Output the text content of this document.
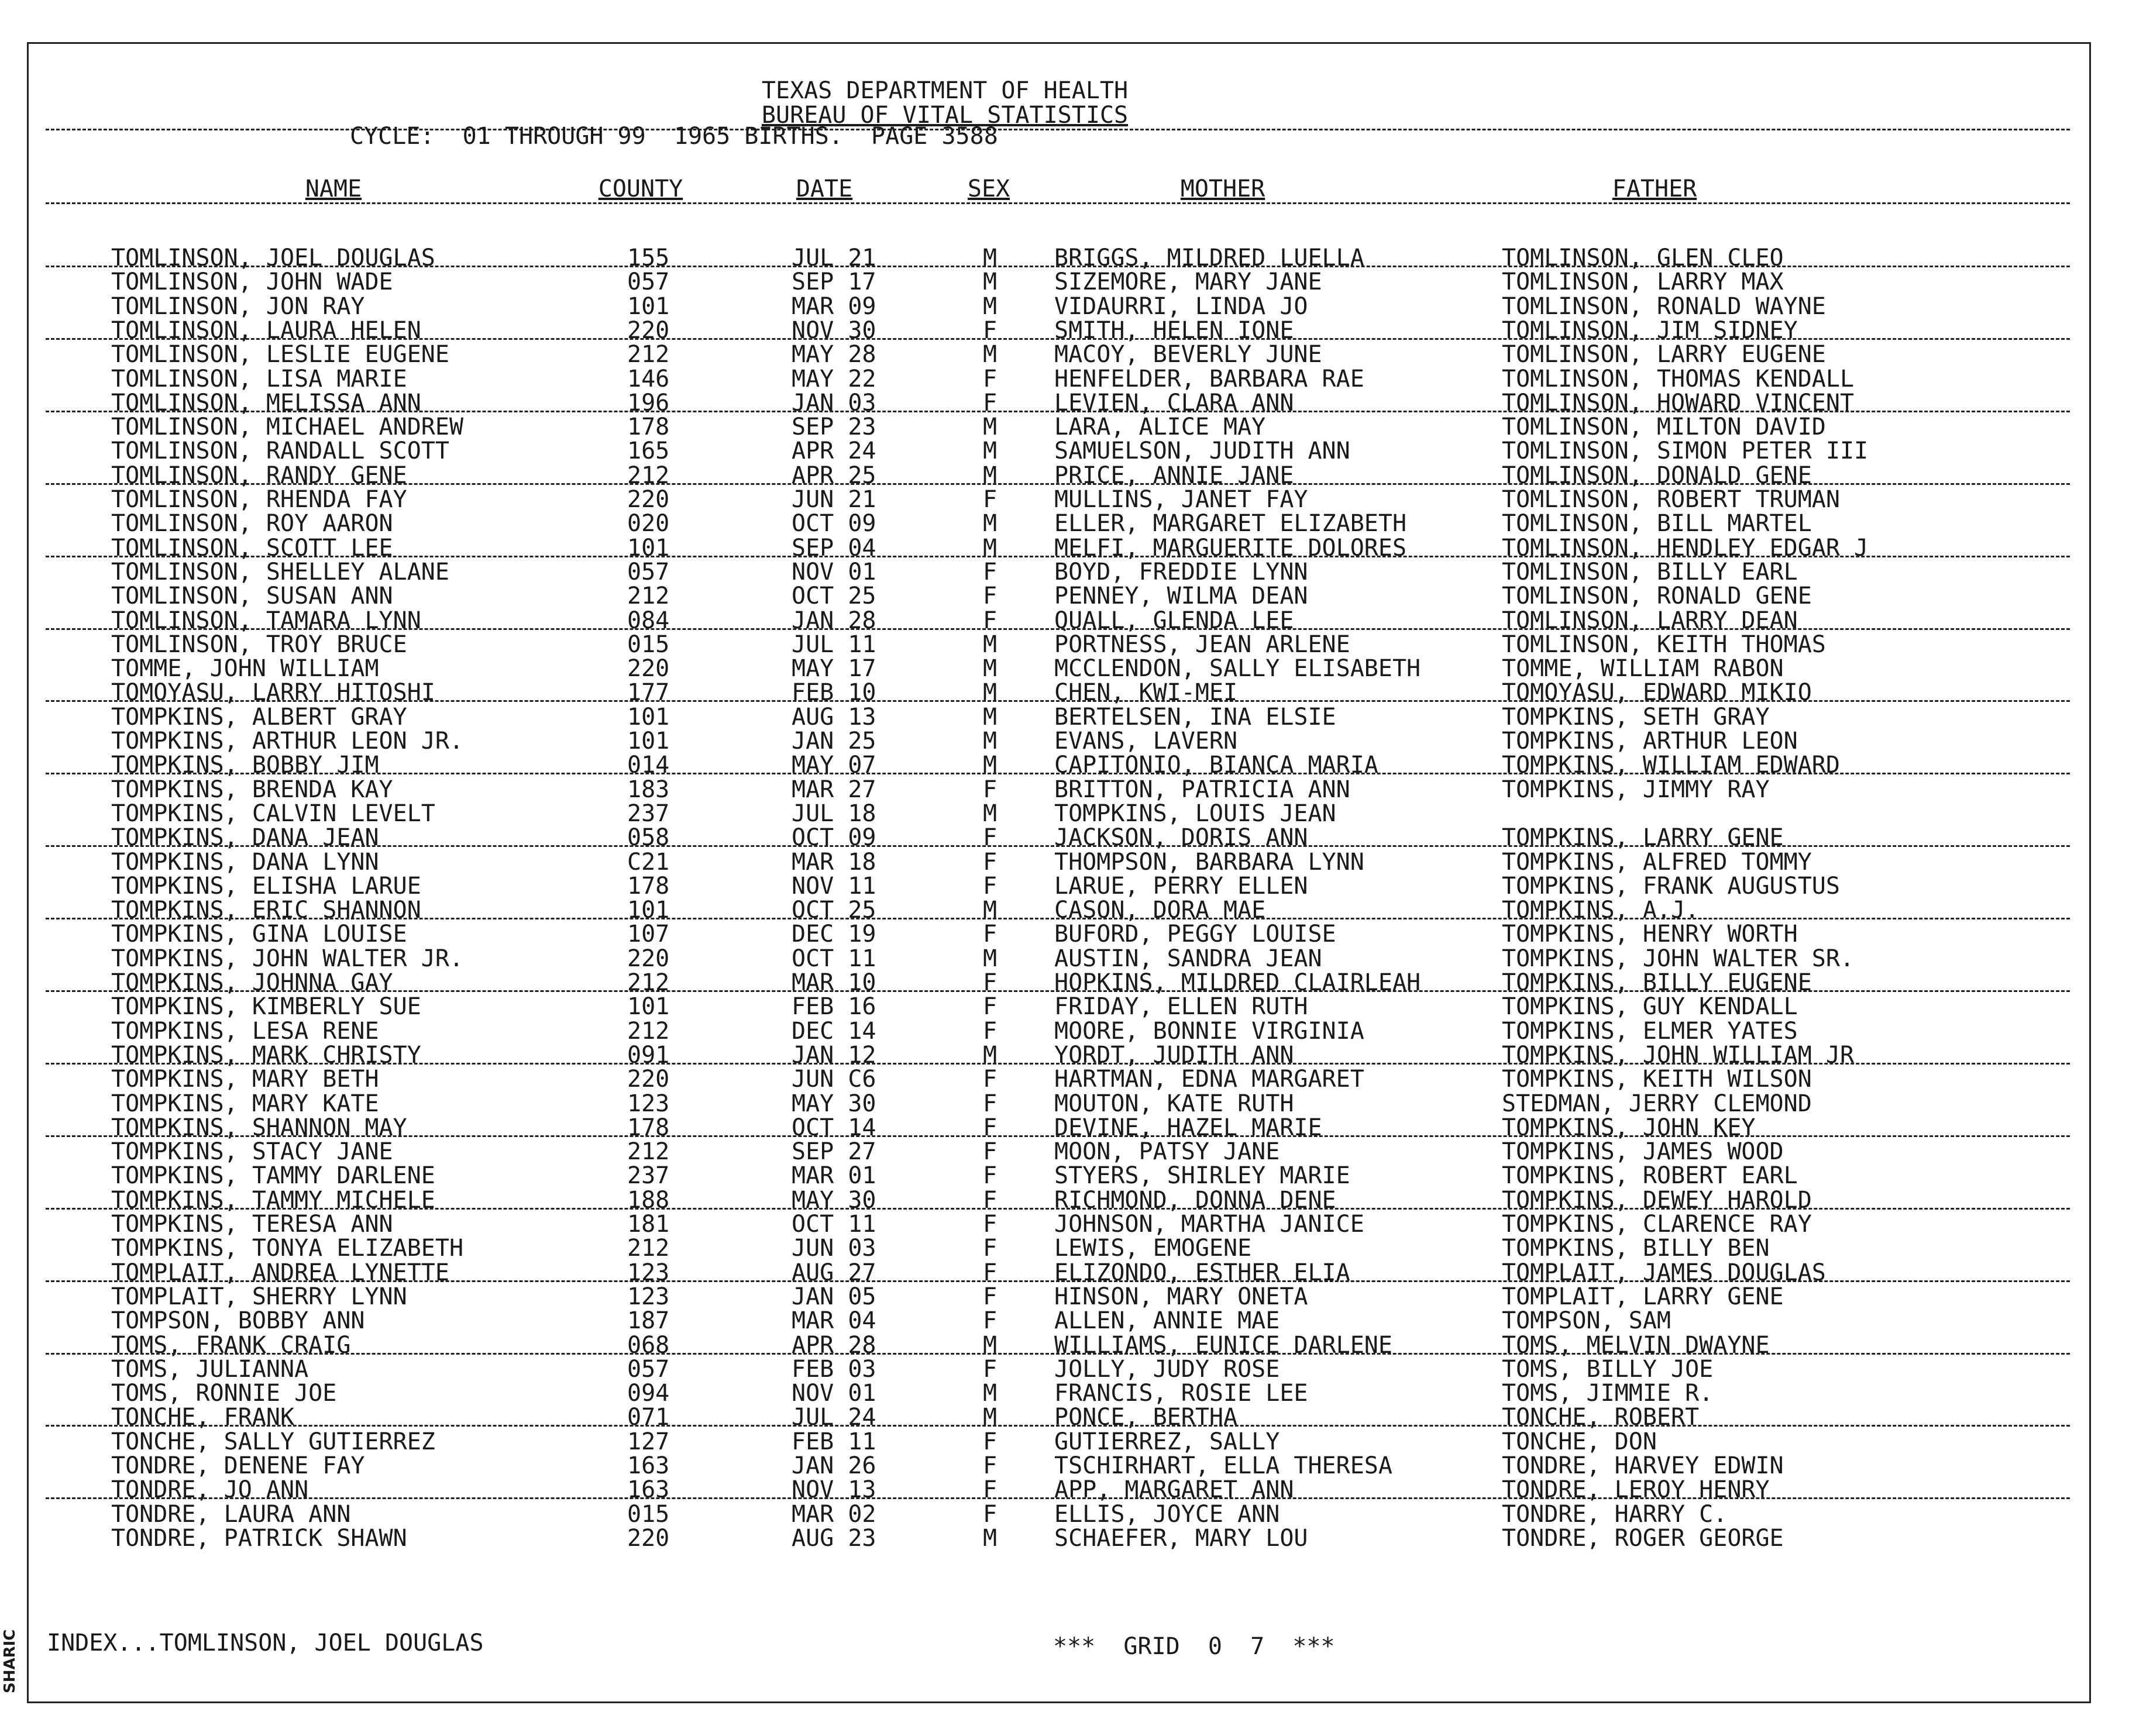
SHARIC
TEXAS DEPARTMENT OF HEALTH
BUREAU OF VITAL STATISTICS
CYCLE:  01 THROUGH 99  1965 BIRTHS.  PAGE 3588
NAME	COUNTY	DATE	SEX	MOTHER	FATHER
TOMLINSON, JOEL DOUGLAS	155	JUL 21	M BRIGGS, MILDRED LUELLA	TOMLINSON, GLEN CLEO
TOMLINSON, JOHN WADE	057	SEP 17	M SIZEMORE, MARY JANE	TOMLINSON, LARRY MAX
TOMLINSON, JON RAY	101	MAR 09	M VIDAURRI, LINDA JO	TOMLINSON, RONALD WAYNE
TOMLINSON, LAURA HELEN	220	NOV 30	F SMITH, HELEN IONE	TOMLINSON, JIM SIDNEY
TOMLINSON, LESLIE EUGENE	212	MAY 28	M MACOY, BEVERLY JUNE	TOMLINSON, LARRY EUGENE
TOMLINSON, LISA MARIE	146	MAY 22	F HENFELDER, BARBARA RAE	TOMLINSON, THOMAS KENDALL
TOMLINSON, MELISSA ANN	196	JAN 03	F LEVIEN, CLARA ANN	TOMLINSON, HOWARD VINCENT
TOMLINSON, MICHAEL ANDREW	178	SEP 23	M LARA, ALICE MAY	TOMLINSON, MILTON DAVID
TOMLINSON, RANDALL SCOTT	165	APR 24	M SAMUELSON, JUDITH ANN	TOMLINSON, SIMON PETER III
TOMLINSON, RANDY GENE	212	APR 25	M PRICE, ANNIE JANE	TOMLINSON, DONALD GENE
TOMLINSON, RHENDA FAY	220	JUN 21	F MULLINS, JANET FAY	TOMLINSON, ROBERT TRUMAN
TOMLINSON, ROY AARON	020	OCT 09	M ELLER, MARGARET ELIZABETH	TOMLINSON, BILL MARTEL
TOMLINSON, SCOTT LEE	101	SEP 04	M MELFI, MARGUERITE DOLORES	TOMLINSON, HENDLEY EDGAR J
TOMLINSON, SHELLEY ALANE	057	NOV 01	F BOYD, FREDDIE LYNN	TOMLINSON, BILLY EARL
TOMLINSON, SUSAN ANN	212	OCT 25	F PENNEY, WILMA DEAN	TOMLINSON, RONALD GENE
TOMLINSON, TAMARA LYNN	084	JAN 28	F QUALL, GLENDA LEE	TOMLINSON, LARRY DEAN
TOMLINSON, TROY BRUCE	015	JUL 11	M PORTNESS, JEAN ARLENE	TOMLINSON, KEITH THOMAS
TOMME, JOHN WILLIAM	220	MAY 17	M MCCLENDON, SALLY ELISABETH	TOMME, WILLIAM RABON
TOMOYASU, LARRY HITOSHI	177	FEB 10	M CHEN, KWI-MEI	TOMOYASU, EDWARD MIKIO
TOMPKINS, ALBERT GRAY	101	AUG 13	M BERTELSEN, INA ELSIE	TOMPKINS, SETH GRAY
TOMPKINS, ARTHUR LEON JR.	101	JAN 25	M EVANS, LAVERN	TOMPKINS, ARTHUR LEON
TOMPKINS, BOBBY JIM	014	MAY 07	M CAPITONIO, BIANCA MARIA	TOMPKINS, WILLIAM EDWARD
TOMPKINS, BRENDA KAY	183	MAR 27	F BRITTON, PATRICIA ANN	TOMPKINS, JIMMY RAY
TOMPKINS, CALVIN LEVELT	237	JUL 18	M TOMPKINS, LOUIS JEAN
TOMPKINS, DANA JEAN	058	OCT 09	F JACKSON, DORIS ANN	TOMPKINS, LARRY GENE
TOMPKINS, DANA LYNN	C21	MAR 18	F THOMPSON, BARBARA LYNN	TOMPKINS, ALFRED TOMMY
TOMPKINS, ELISHA LARUE	178	NOV 11	F LARUE, PERRY ELLEN	TOMPKINS, FRANK AUGUSTUS
TOMPKINS, ERIC SHANNON	101	OCT 25	M CASON, DORA MAE	TOMPKINS, A.J.
TOMPKINS, GINA LOUISE	107	DEC 19	F BUFORD, PEGGY LOUISE	TOMPKINS, HENRY WORTH
TOMPKINS, JOHN WALTER JR.	220	OCT 11	M AUSTIN, SANDRA JEAN	TOMPKINS, JOHN WALTER SR.
TOMPKINS, JOHNNA GAY	212	MAR 10	F HOPKINS, MILDRED CLAIRLEAH	TOMPKINS, BILLY EUGENE
TOMPKINS, KIMBERLY SUE	101	FEB 16	F FRIDAY, ELLEN RUTH	TOMPKINS, GUY KENDALL
TOMPKINS, LESA RENE	212	DEC 14	F MOORE, BONNIE VIRGINIA	TOMPKINS, ELMER YATES
TOMPKINS, MARK CHRISTY	091	JAN 12	M YORDT, JUDITH ANN	TOMPKINS, JOHN WILLIAM JR
TOMPKINS, MARY BETH	220	JUN C6	F HARTMAN, EDNA MARGARET	TOMPKINS, KEITH WILSON
TOMPKINS, MARY KATE	123	MAY 30	F MOUTON, KATE RUTH	STEDMAN, JERRY CLEMOND
TOMPKINS, SHANNON MAY	178	OCT 14	F DEVINE, HAZEL MARIE	TOMPKINS, JOHN KEY
TOMPKINS, STACY JANE	212	SEP 27	F MOON, PATSY JANE	TOMPKINS, JAMES WOOD
TOMPKINS, TAMMY DARLENE	237	MAR 01	F STYERS, SHIRLEY MARIE	TOMPKINS, ROBERT EARL
TOMPKINS, TAMMY MICHELE	188	MAY 30	F RICHMOND, DONNA DENE	TOMPKINS, DEWEY HAROLD
TOMPKINS, TERESA ANN	181	OCT 11	F JOHNSON, MARTHA JANICE	TOMPKINS, CLARENCE RAY
TOMPKINS, TONYA ELIZABETH	212	JUN 03	F LEWIS, EMOGENE	TOMPKINS, BILLY BEN
TOMPLAIT, ANDREA LYNETTE	123	AUG 27	F ELIZONDO, ESTHER ELIA	TOMPLAIT, JAMES DOUGLAS
TOMPLAIT, SHERRY LYNN	123	JAN 05	F HINSON, MARY ONETA	TOMPLAIT, LARRY GENE
TOMPSON, BOBBY ANN	187	MAR 04	F ALLEN, ANNIE MAE	TOMPSON, SAM
TOMS, FRANK CRAIG	068	APR 28	M WILLIAMS, EUNICE DARLENE	TOMS, MELVIN DWAYNE
TOMS, JULIANNA	057	FEB 03	F JOLLY, JUDY ROSE	TOMS, BILLY JOE
TOMS, RONNIE JOE	094	NOV 01	M FRANCIS, ROSIE LEE	TOMS, JIMMIE R.
TONCHE, FRANK	071	JUL 24	M PONCE, BERTHA	TONCHE, ROBERT
TONCHE, SALLY GUTIERREZ	127	FEB 11	F GUTIERREZ, SALLY	TONCHE, DON
TONDRE, DENENE FAY	163	JAN 26	F TSCHIRHART, ELLA THERESA	TONDRE, HARVEY EDWIN
TONDRE, JO ANN	163	NOV 13	F APP, MARGARET ANN	TONDRE, LEROY HENRY
TONDRE, LAURA ANN	015	MAR 02	F ELLIS, JOYCE ANN	TONDRE, HARRY C.
TONDRE, PATRICK SHAWN	220	AUG 23	M SCHAEFER, MARY LOU	TONDRE, ROGER GEORGE
INDEX...TOMLINSON, JOEL DOUGLAS	***  GRID  0  7  ***
